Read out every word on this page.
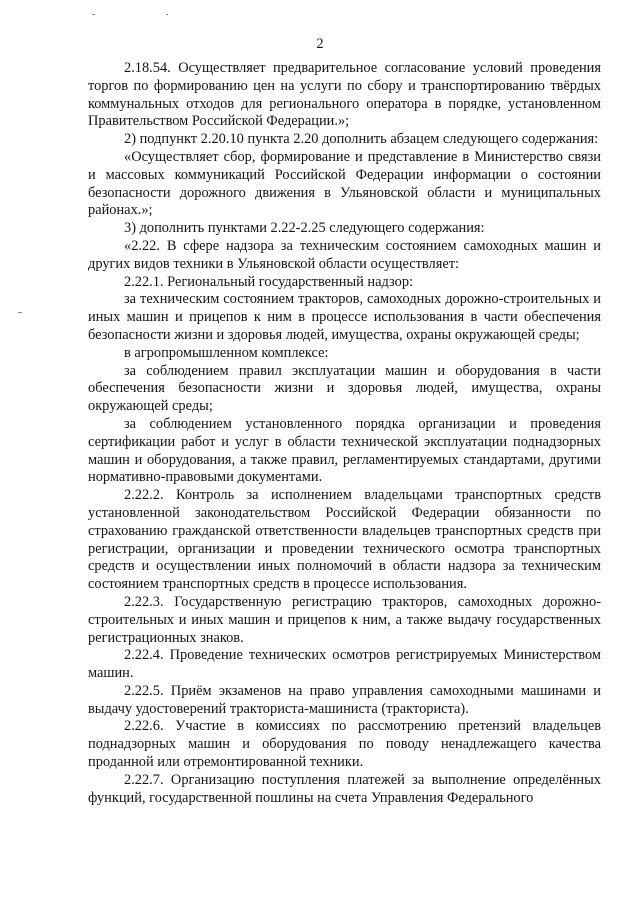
2

2.18.54. Осуществляет предварительное согласование условий проведения торгов по формированию цен на услуги по сбору и транспортированию твёрдых коммунальных отходов для регионального оператора в порядке, установленном Правительством Российской Федерации.»;

2) подпункт 2.20.10 пункта 2.20 дополнить абзацем следующего содержания:

«Осуществляет сбор, формирование и представление в Министерство связи и массовых коммуникаций Российской Федерации информации о состоянии безопасности дорожного движения в Ульяновской области и муниципальных районах.»;

3) дополнить пунктами 2.22-2.25 следующего содержания:

«2.22. В сфере надзора за техническим состоянием самоходных машин и других видов техники в Ульяновской области осуществляет:

2.22.1. Региональный государственный надзор:

за техническим состоянием тракторов, самоходных дорожно-строительных и иных машин и прицепов к ним в процессе использования в части обеспечения безопасности жизни и здоровья людей, имущества, охраны окружающей среды;

в агропромышленном комплексе:

за соблюдением правил эксплуатации машин и оборудования в части обеспечения безопасности жизни и здоровья людей, имущества, охраны окружающей среды;

за соблюдением установленного порядка организации и проведения сертификации работ и услуг в области технической эксплуатации поднадзорных машин и оборудования, а также правил, регламентируемых стандартами, другими нормативно-правовыми документами.

2.22.2. Контроль за исполнением владельцами транспортных средств установленной законодательством Российской Федерации обязанности по страхованию гражданской ответственности владельцев транспортных средств при регистрации, организации и проведении технического осмотра транспортных средств и осуществлении иных полномочий в области надзора за техническим состоянием транспортных средств в процессе использования.

2.22.3. Государственную регистрацию тракторов, самоходных дорожно-строительных и иных машин и прицепов к ним, а также выдачу государственных регистрационных знаков.

2.22.4. Проведение технических осмотров регистрируемых Министерством машин.

2.22.5. Приём экзаменов на право управления самоходными машинами и выдачу удостоверений тракториста-машиниста (тракториста).

2.22.6. Участие в комиссиях по рассмотрению претензий владельцев поднадзорных машин и оборудования по поводу ненадлежащего качества проданной или отремонтированной техники.

2.22.7. Организацию поступления платежей за выполнение определённых функций, государственной пошлины на счета Управления Федерального
